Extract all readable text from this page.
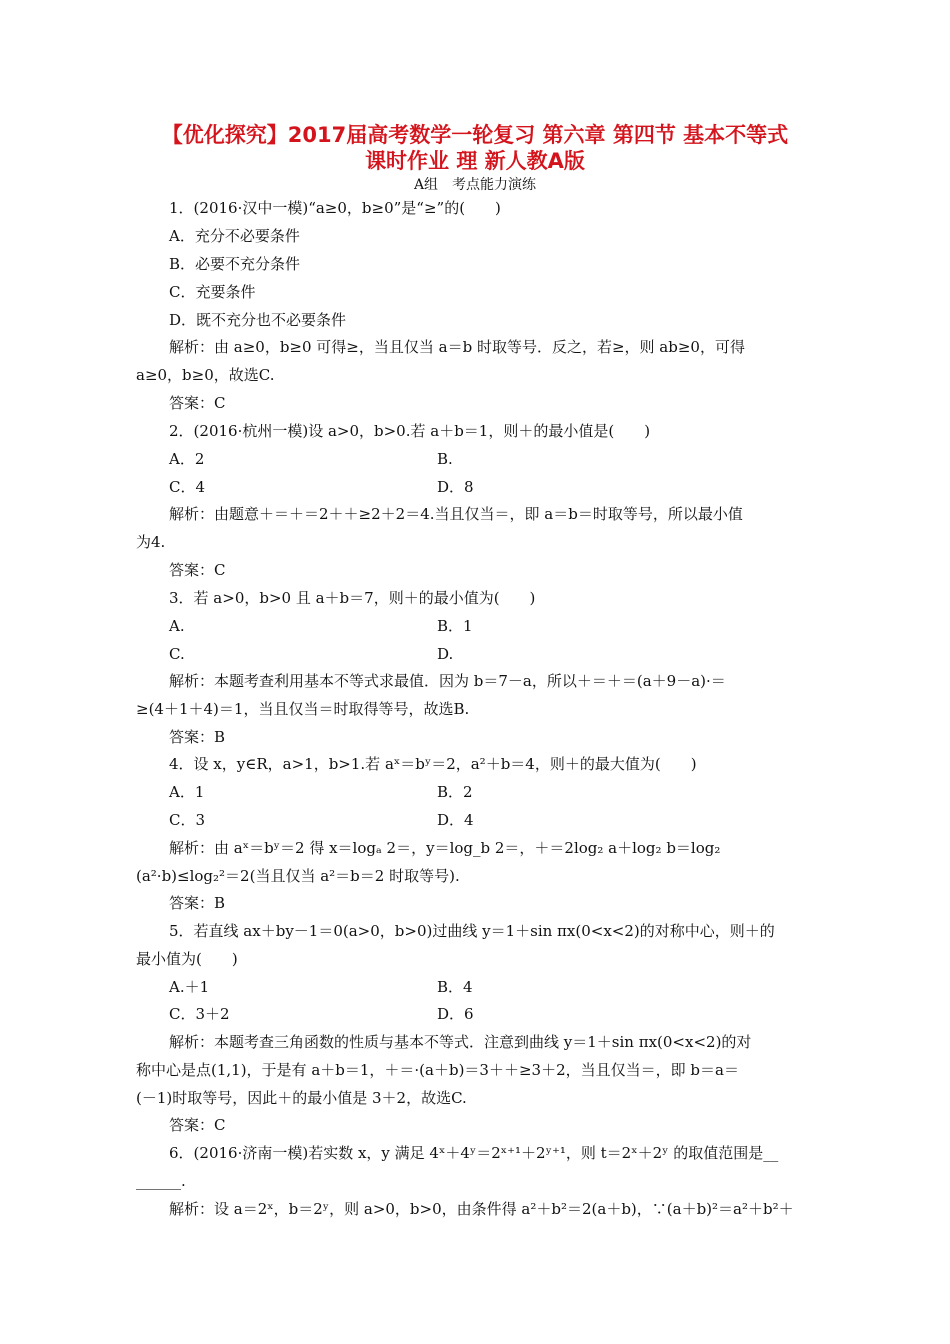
【优化探究】2017届高考数学一轮复习 第六章 第四节 基本不等式
课时作业 理 新人教A版
A组　考点能力演练
1．(2016·汉中一模)“a≥0，b≥0”是“≥”的(　　)
A．充分不必要条件
B．必要不充分条件
C．充要条件
D．既不充分也不必要条件
解析：由 a≥0，b≥0 可得≥，当且仅当 a＝b 时取等号．反之，若≥，则 ab≥0，可得
a≥0，b≥0，故选C.
答案：C
2．(2016·杭州一模)设 a>0，b>0.若 a＋b＝1，则＋的最小值是(　　)
A．2	B.
C．4	D．8
解析：由题意＋＝＋＝2＋＋≥2＋2＝4.当且仅当＝，即 a＝b＝时取等号，所以最小值
为4.
答案：C
3．若 a>0，b>0 且 a＋b＝7，则＋的最小值为(　　)
A.	B．1
C.	D.
解析：本题考查利用基本不等式求最值．因为 b＝7－a，所以＋＝＋＝(a＋9－a)·＝
≥(4＋1＋4)＝1，当且仅当＝时取得等号，故选B.
答案：B
4．设 x，y∈R，a>1，b>1.若 aˣ＝bʸ＝2，a²＋b＝4，则＋的最大值为(　　)
A．1	B．2
C．3	D．4
解析：由 aˣ＝bʸ＝2 得 x＝logₐ 2＝，y＝log_b 2＝，＋＝2log₂ a＋log₂ b＝log₂
(a²·b)≤log₂²＝2(当且仅当 a²＝b＝2 时取等号).
答案：B
5．若直线 ax＋by－1＝0(a>0，b>0)过曲线 y＝1＋sin πx(0<x<2)的对称中心，则＋的
最小值为(　　)
A.＋1	B．4
C．3＋2	D．6
解析：本题考查三角函数的性质与基本不等式．注意到曲线 y＝1＋sin πx(0<x<2)的对
称中心是点(1,1)，于是有 a＋b＝1，＋＝·(a＋b)＝3＋＋≥3＋2，当且仅当＝，即 b＝a＝
(－1)时取等号，因此＋的最小值是 3＋2，故选C.
答案：C
6．(2016·济南一模)若实数 x，y 满足 4ˣ＋4ʸ＝2ˣ⁺¹＋2ʸ⁺¹，则 t＝2ˣ＋2ʸ 的取值范围是__
______.
解析：设 a＝2ˣ，b＝2ʸ，则 a>0，b>0，由条件得 a²＋b²＝2(a＋b)，∵(a＋b)²＝a²＋b²＋
